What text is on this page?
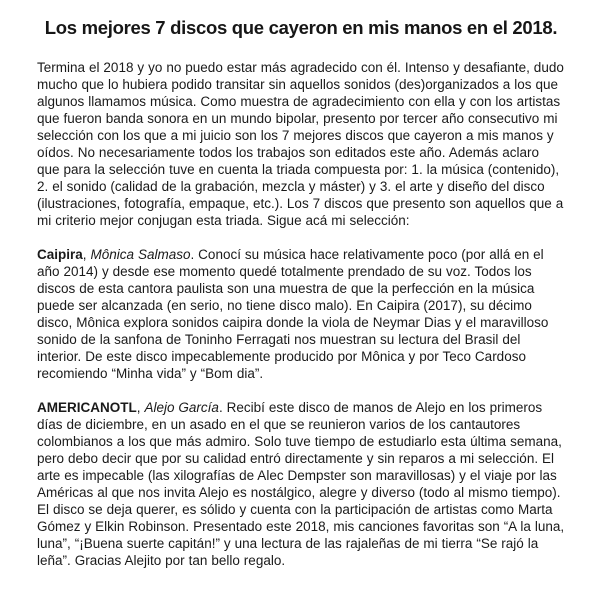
Los mejores 7 discos que cayeron en mis manos en el 2018.

Termina el 2018 y yo no puedo estar más agradecido con él. Intenso y desafiante, dudo mucho que lo hubiera podido transitar sin aquellos sonidos (des)organizados a los que algunos llamamos música. Como muestra de agradecimiento con ella y con los artistas que fueron banda sonora en un mundo bipolar, presento por tercer año consecutivo mi selección con los que a mi juicio son los 7 mejores discos que cayeron a mis manos y oídos. No necesariamente todos los trabajos son editados este año. Además aclaro que para la selección tuve en cuenta la triada compuesta por: 1. la música (contenido), 2. el sonido (calidad de la grabación, mezcla y máster) y 3. el arte y diseño del disco (ilustraciones, fotografía, empaque, etc.). Los 7 discos que presento son aquellos que a mi criterio mejor conjugan esta triada. Sigue acá mi selección:

Caipira, Mônica Salmaso. Conocí su música hace relativamente poco (por allá en el año 2014) y desde ese momento quedé totalmente prendado de su voz. Todos los discos de esta cantora paulista son una muestra de que la perfección en la música puede ser alcanzada (en serio, no tiene disco malo). En Caipira (2017), su décimo disco, Mônica explora sonidos caipira donde la viola de Neymar Dias y el maravilloso sonido de la sanfona de Toninho Ferragati nos muestran su lectura del Brasil del interior. De este disco impecablemente producido por Mônica y por Teco Cardoso recomiendo “Minha vida” y “Bom dia”.

AMERICANOTL, Alejo García. Recibí este disco de manos de Alejo en los primeros días de diciembre, en un asado en el que se reunieron varios de los cantautores colombianos a los que más admiro. Solo tuve tiempo de estudiarlo esta última semana, pero debo decir que por su calidad entró directamente y sin reparos a mi selección. El arte es impecable (las xilografías de Alec Dempster son maravillosas) y el viaje por las Américas al que nos invita Alejo es nostálgico, alegre y diverso (todo al mismo tiempo). El disco se deja querer, es sólido y cuenta con la participación de artistas como Marta Gómez y Elkin Robinson. Presentado este 2018, mis canciones favoritas son “A la luna, luna”, “¡Buena suerte capitán!” y una lectura de las rajaleñas de mi tierra “Se rajó la leña”. Gracias Alejito por tan bello regalo.
